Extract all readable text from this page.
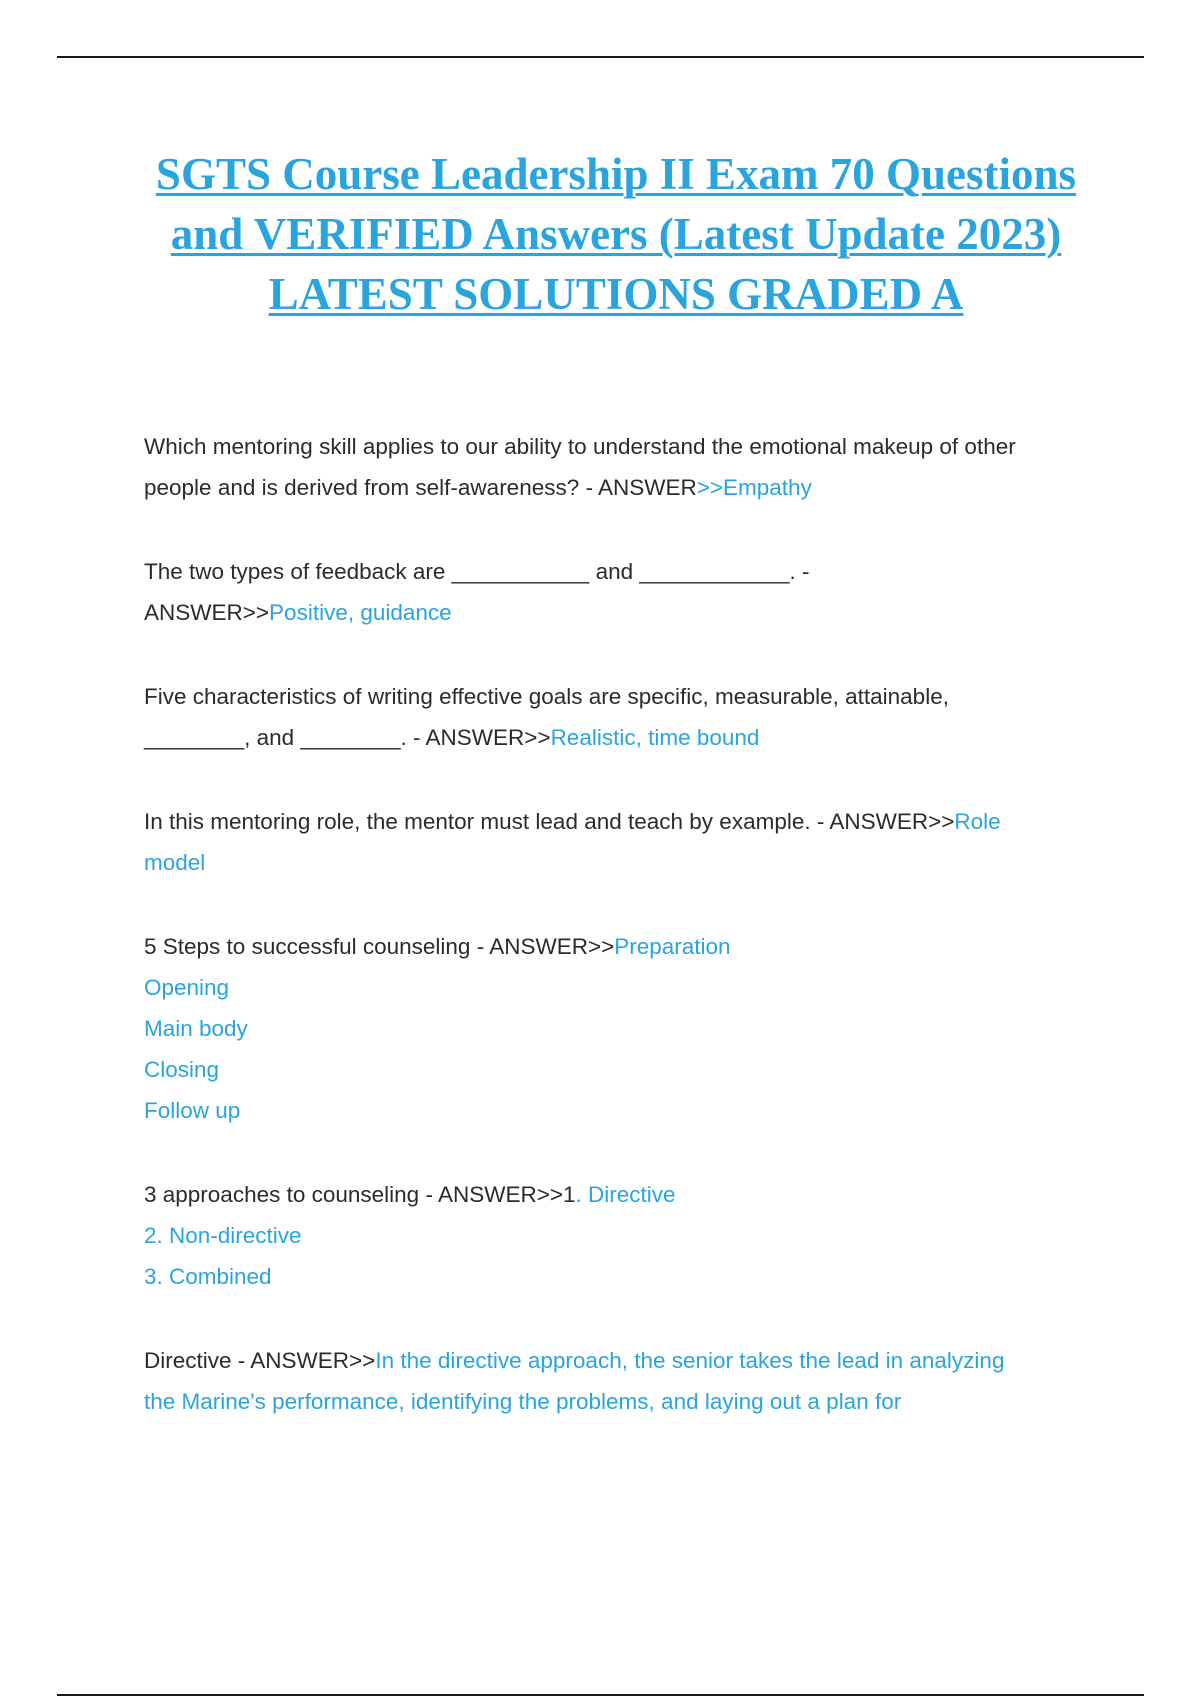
SGTS Course Leadership II Exam 70 Questions and VERIFIED Answers (Latest Update 2023) LATEST SOLUTIONS GRADED A

Which mentoring skill applies to our ability to understand the emotional makeup of other
people and is derived from self-awareness? - ANSWER>>Empathy

The two types of feedback are ___________ and ____________. -
ANSWER>>Positive, guidance

Five characteristics of writing effective goals are specific, measurable, attainable,
________, and ________. - ANSWER>>Realistic, time bound

In this mentoring role, the mentor must lead and teach by example. - ANSWER>>Role
model

5 Steps to successful counseling - ANSWER>>Preparation
Opening
Main body
Closing
Follow up

3 approaches to counseling - ANSWER>>1. Directive
2. Non-directive
3. Combined

Directive - ANSWER>>In the directive approach, the senior takes the lead in analyzing
the Marine's performance, identifying the problems, and laying out a plan for
